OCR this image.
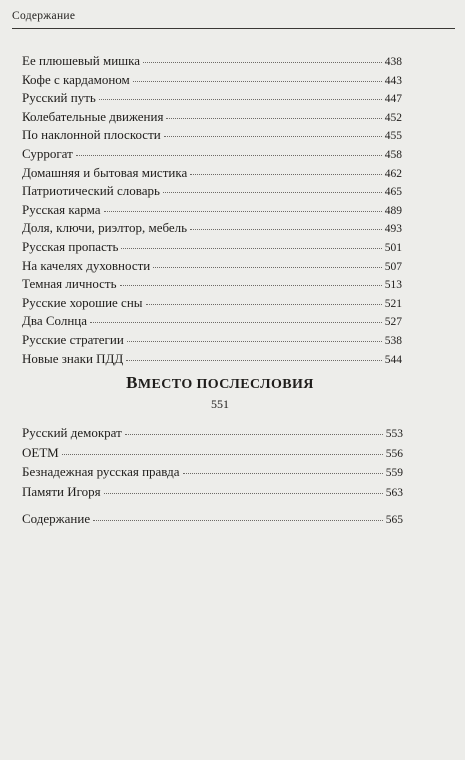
Содержание
Ее плюшевый мишка	438
Кофе с кардамоном	443
Русский путь	447
Колебательные движения	452
По наклонной плоскости	455
Суррогат	458
Домашняя и бытовая мистика	462
Патриотический словарь	465
Русская карма	489
Доля, ключи, риэлтор, мебель	493
Русская пропасть	501
На качелях духовности	507
Темная личность	513
Русские хорошие сны	521
Два Солнца	527
Русские стратегии	538
Новые знаки ПДД	544
ВМЕСТО ПОСЛЕСЛОВИЯ
551
Русский демократ	553
ОЕТМ	556
Безнадежная русская правда	559
Памяти Игоря	563
Содержание	565
